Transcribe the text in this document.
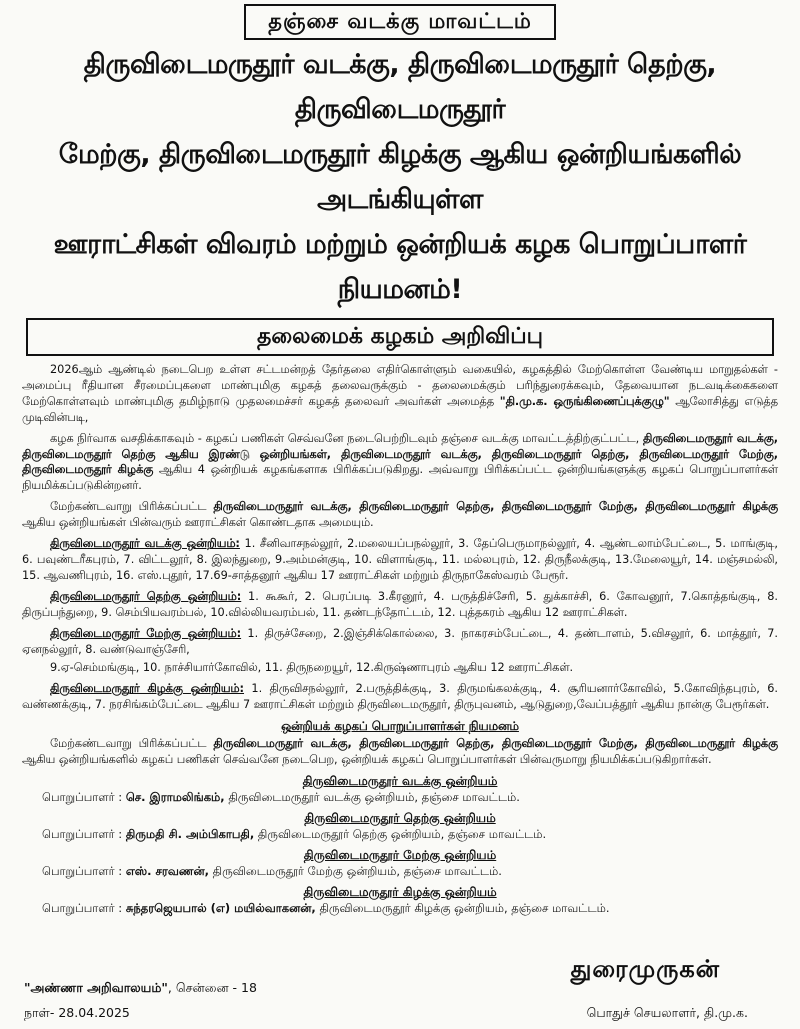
தஞ்சை வடக்கு மாவட்டம்
திருவிடைமருதூர் வடக்கு, திருவிடைமருதூர் தெற்கு, திருவிடைமருதூர்
மேற்கு, திருவிடைமருதூர் கிழக்கு ஆகிய ஒன்றியங்களில் அடங்கியுள்ள
ஊராட்சிகள் விவரம் மற்றும் ஒன்றியக் கழக பொறுப்பாளர் நியமனம்!
தலைமைக் கழகம் அறிவிப்பு

2026ஆம் ஆண்டில் நடைபெற உள்ள சட்டமன்றத் தேர்தலை எதிர்கொள்ளும் வகையில், கழகத்தில் மேற்கொள்ள வேண்டிய மாறுதல்கள் - அமைப்பு ரீதியான சீரமைப்புகளை மாண்புமிகு கழகத் தலைவருக்கும் - தலைமைக்கும் பரிந்துரைக்கவும், தேவையான நடவடிக்கைகளை மேற்கொள்ளவும் மாண்புமிகு தமிழ்நாடு முதலமைச்சர் கழகத் தலைவர் அவர்கள் அமைத்த "தி.மு.க. ஒருங்கிணைப்புக்குழு" ஆலோசித்து எடுத்த முடிவின்படி,

கழக நிர்வாக வசதிக்காகவும் - கழகப் பணிகள் செவ்வனே நடைபெற்றிடவும் தஞ்சை வடக்கு மாவட்டத்திற்குட்பட்ட, திருவிடைமருதூர் வடக்கு, திருவிடைமருதூர் தெற்கு ஆகிய இரண்டு ஒன்றியங்கள், திருவிடைமருதூர் வடக்கு, திருவிடைமருதூர் தெற்கு, திருவிடைமருதூர் மேற்கு, திருவிடைமருதூர் கிழக்கு ஆகிய 4 ஒன்றியக் கழகங்களாக பிரிக்கப்படுகிறது. அவ்வாறு பிரிக்கப்பட்ட ஒன்றியங்களுக்கு கழகப் பொறுப்பாளர்கள் நியமிக்கப்படுகின்றனர்.

மேற்கண்டவாறு பிரிக்கப்பட்ட திருவிடைமருதூர் வடக்கு, திருவிடைமருதூர் தெற்கு, திருவிடைமருதூர் மேற்கு, திருவிடைமருதூர் கிழக்கு ஆகிய ஒன்றியங்கள் பின்வரும் ஊராட்சிகள் கொண்டதாக அமையும்.

திருவிடைமருதூர் வடக்கு ஒன்றியம்: 1. சீனிவாசநல்லூர், 2.மலையப்பநல்லூர், 3. தேப்பெருமாநல்லூர், 4. ஆண்டலாம்பேட்டை, 5. மாங்குடி, 6. பவுண்டரீகபுரம், 7. விட்டலூர், 8. இலந்துறை, 9.அம்மன்குடி, 10. விளாங்குடி, 11. மல்லபுரம், 12. திருநீலக்குடி, 13.மேலையூர், 14. மஞ்சமல்லி, 15. ஆவணிபுரம், 16. எஸ்.புதூர், 17.69-சாத்தனூர் ஆகிய 17 ஊராட்சிகள் மற்றும் திருநாகேஸ்வரம் பேரூர்.

திருவிடைமருதூர் தெற்கு ஒன்றியம்: 1. கூகூர், 2. பெரப்படி 3.கீரனூர், 4. பருத்திச்சேரி, 5. துக்காச்சி, 6. கோவனூர், 7.கொத்தங்குடி, 8. திருப்பந்துறை, 9. செம்பியவரம்பல், 10.வில்லியவரம்பல், 11. தண்டந்தோட்டம், 12. புத்தகரம் ஆகிய 12 ஊராட்சிகள்.

திருவிடைமருதூர் மேற்கு ஒன்றியம்: 1. திருச்சேறை, 2.இஞ்சிக்கொல்லை, 3. நாகரசம்பேட்டை, 4. தண்டாளம், 5.விசலூர், 6. மாத்தூர், 7. ஏனநல்லூர், 8. வண்டுவாஞ்சேரி,

9.ஏ-செம்மங்குடி, 10. நாச்சியார்கோவில், 11. திருநறையூர், 12.கிருஷ்ணாபுரம் ஆகிய 12 ஊராட்சிகள்.

திருவிடைமருதூர் கிழக்கு ஒன்றியம்: 1. திருவிசநல்லூர், 2.பருத்திக்குடி, 3. திருமங்கலக்குடி, 4. சூரியனார்கோவில், 5.கோவிந்தபுரம், 6. வண்ணக்குடி, 7. நரசிங்கம்பேட்டை ஆகிய 7 ஊராட்சிகள் மற்றும் திருவிடைமருதூர், திருபுவனம், ஆடுதுறை,வேப்பத்தூர் ஆகிய நான்கு பேரூர்கள்.

ஒன்றியக் கழகப் பொறுப்பாளர்கள் நியமனம்

மேற்கண்டவாறு பிரிக்கப்பட்ட திருவிடைமருதூர் வடக்கு, திருவிடைமருதூர் தெற்கு, திருவிடைமருதூர் மேற்கு, திருவிடைமருதூர் கிழக்கு ஆகிய ஒன்றியங்களில் கழகப் பணிகள் செவ்வனே நடைபெற, ஒன்றியக் கழகப் பொறுப்பாளர்கள் பின்வருமாறு நியமிக்கப்படுகிறார்கள்.

திருவிடைமருதூர் வடக்கு ஒன்றியம்
பொறுப்பாளர் : செ. இராமலிங்கம், திருவிடைமருதூர் வடக்கு ஒன்றியம், தஞ்சை மாவட்டம்.
திருவிடைமருதூர் தெற்கு ஒன்றியம்
பொறுப்பாளர் : திருமதி சி. அம்பிகாபதி, திருவிடைமருதூர் தெற்கு ஒன்றியம், தஞ்சை மாவட்டம்.
திருவிடைமருதூர் மேற்கு ஒன்றியம்
பொறுப்பாளர் : எஸ். சரவணன், திருவிடைமருதூர் மேற்கு ஒன்றியம், தஞ்சை மாவட்டம்.
திருவிடைமருதூர் கிழக்கு ஒன்றியம்
பொறுப்பாளர் : சுந்தரஜெயபால் (எ) மயில்வாகனன், திருவிடைமருதூர் கிழக்கு ஒன்றியம், தஞ்சை மாவட்டம்.
"அண்ணா அறிவாலயம்", சென்னை - 18
நாள்- 28.04.2025
துரைமுருகன்
பொதுச் செயலாளர், தி.மு.க.
